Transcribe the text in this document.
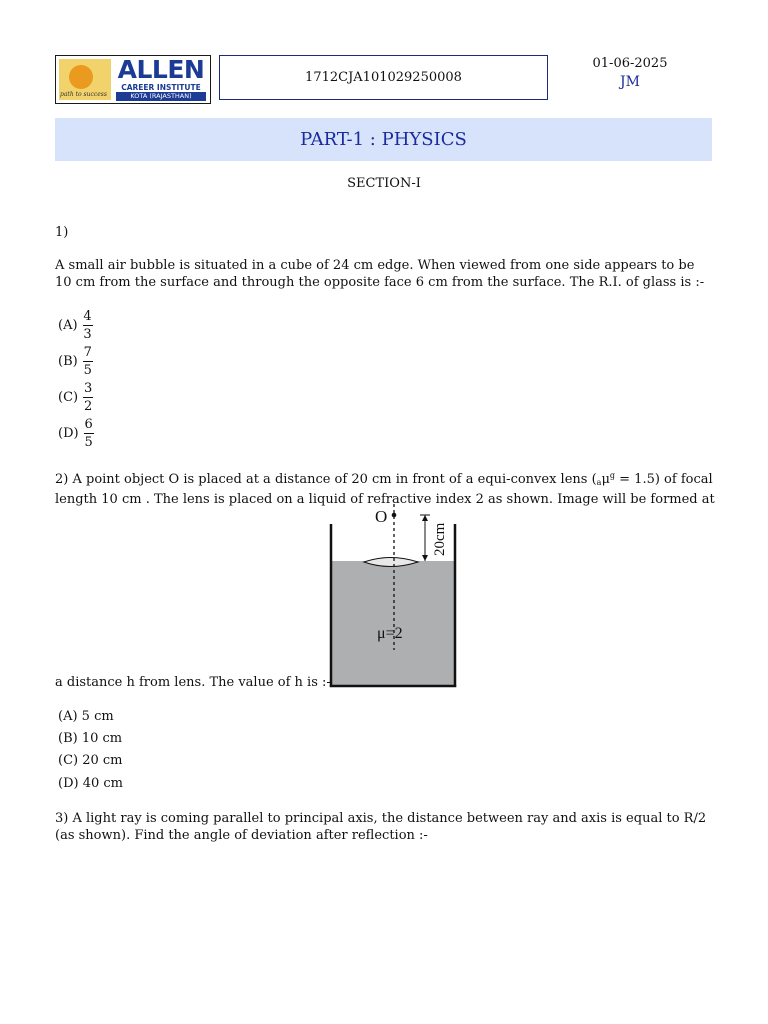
path to success
ALLEN
CAREER INSTITUTE
KOTA (RAJASTHAN)
1712CJA101029250008
01-06-2025
JM
PART-1 : PHYSICS
SECTION-I
1)
A small air bubble is situated in a cube of 24 cm edge. When viewed from one side appears to be 10 cm from the surface and through the opposite face 6 cm from the surface. The R.I. of glass is :-
$(A) \frac{4}{3}$
$(B) \frac{7}{5}$
$(C) \frac{3}{2}$
$(D) \frac{6}{5}$
2) A point object O is placed at a distance of 20 cm in front of a equi-convex lens $(_a\mu^g = 1.5)$ of focal length 10 cm . The lens is placed on a liquid of refractive index 2 as shown. Image will be formed at
a distance h from lens. The value of h is :-
O
20cm
μ=2
(A) 5 cm
(B) 10 cm
(C) 20 cm
(D) 40 cm
3) A light ray is coming parallel to principal axis, the distance between ray and axis is equal to R/2 (as shown). Find the angle of deviation after reflection :-
